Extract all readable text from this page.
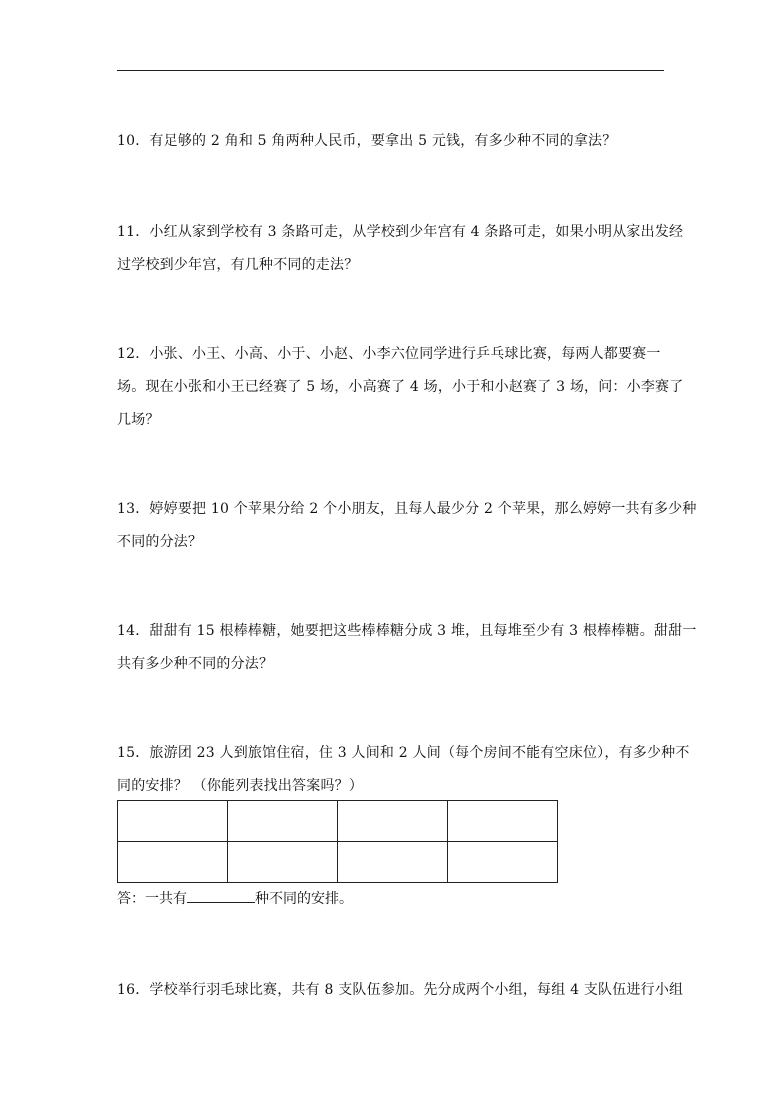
10．有足够的 2 角和 5 角两种人民币，要拿出 5 元钱，有多少种不同的拿法？
11．小红从家到学校有 3 条路可走，从学校到少年宫有 4 条路可走，如果小明从家出发经
过学校到少年宫，有几种不同的走法？
12．小张、小王、小高、小于、小赵、小李六位同学进行乒乓球比赛，每两人都要赛一
场。现在小张和小王已经赛了 5 场，小高赛了 4 场，小于和小赵赛了 3 场，问：小李赛了
几场？
13．婷婷要把 10 个苹果分给 2 个小朋友，且每人最少分 2 个苹果，那么婷婷一共有多少种
不同的分法？
14．甜甜有 15 根棒棒糖，她要把这些棒棒糖分成 3 堆，且每堆至少有 3 根棒棒糖。甜甜一
共有多少种不同的分法？
15．旅游团 23 人到旅馆住宿，住 3 人间和 2 人间（每个房间不能有空床位），有多少种不
同的安排？ （你能列表找出答案吗？）

答：一共有	种不同的安排。
16．学校举行羽毛球比赛，共有 8 支队伍参加。先分成两个小组，每组 4 支队伍进行小组
